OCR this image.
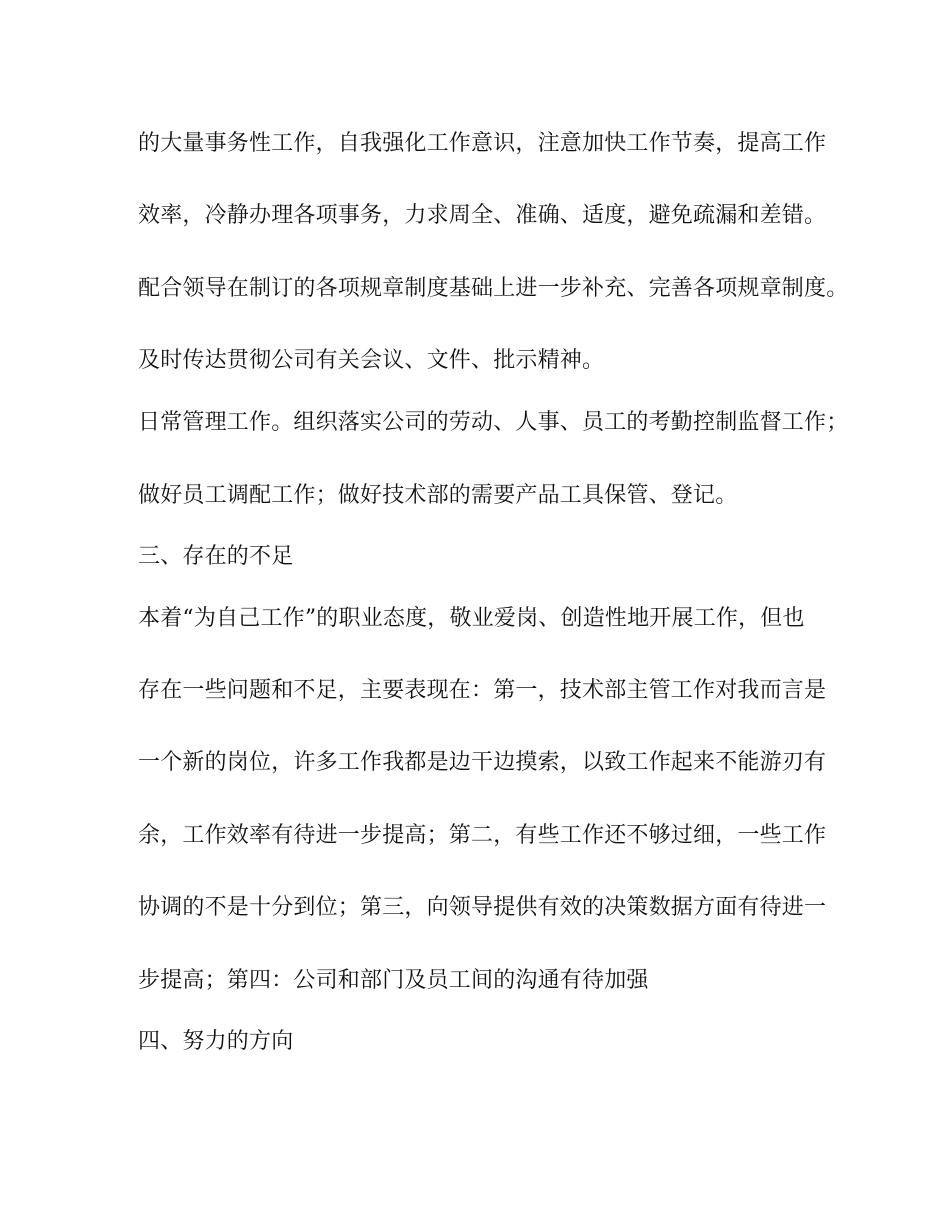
的大量事务性工作，自我强化工作意识，注意加快工作节奏，提高工作
效率，冷静办理各项事务，力求周全、准确、适度，避免疏漏和差错。
配合领导在制订的各项规章制度基础上进一步补充、完善各项规章制度。
及时传达贯彻公司有关会议、文件、批示精神。
日常管理工作。组织落实公司的劳动、人事、员工的考勤控制监督工作；
做好员工调配工作；做好技术部的需要产品工具保管、登记。
三、存在的不足
本着“为自己工作”的职业态度，敬业爱岗、创造性地开展工作，但也
存在一些问题和不足，主要表现在：第一，技术部主管工作对我而言是
一个新的岗位，许多工作我都是边干边摸索，以致工作起来不能游刃有
余，工作效率有待进一步提高；第二，有些工作还不够过细，一些工作
协调的不是十分到位；第三，向领导提供有效的决策数据方面有待进一
步提高；第四：公司和部门及员工间的沟通有待加强
四、努力的方向
